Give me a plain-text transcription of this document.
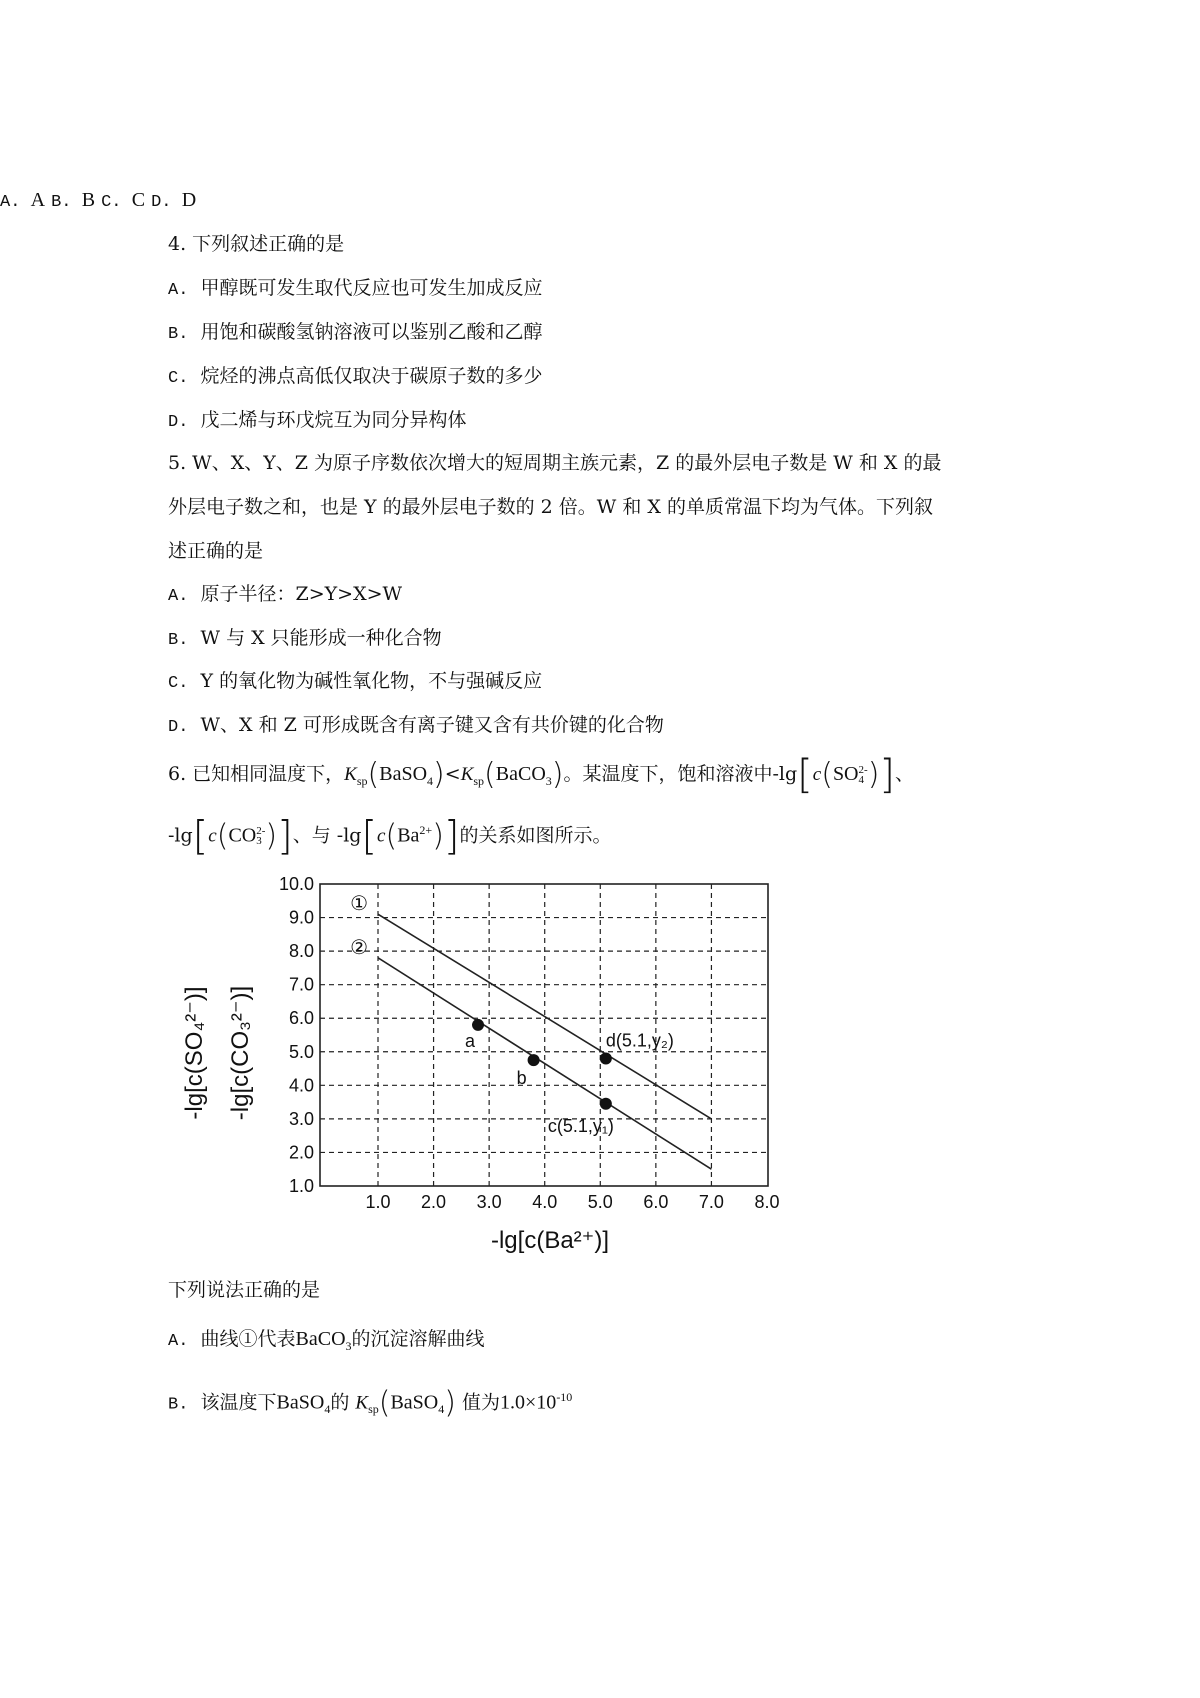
A. A B. B C. C D. D
4. 下列叙述正确的是
A. 甲醇既可发生取代反应也可发生加成反应
B. 用饱和碳酸氢钠溶液可以鉴别乙酸和乙醇
C. 烷烃的沸点高低仅取决于碳原子数的多少
D. 戊二烯与环戊烷互为同分异构体
5. W、X、Y、Z 为原子序数依次增大的短周期主族元素，Z 的最外层电子数是 W 和 X 的最
外层电子数之和，也是 Y 的最外层电子数的 2 倍。W 和 X 的单质常温下均为气体。下列叙
述正确的是
A. 原子半径：Z>Y>X>W
B. W 与 X 只能形成一种化合物
C. Y 的氧化物为碱性氧化物，不与强碱反应
D. W、X 和 Z 可形成既含有离子键又含有共价键的化合物
6. 已知相同温度下，$K_{sp}(BaSO_4)<K_{sp}(BaCO_3)$。某温度下，饱和溶液中-lg[c(SO2-
4 )]、
-lg[c(CO2-
3 )]、与 $-\lg[c(Ba^{2+})]$的关系如图所示。
1.0 2.0 3.0 4.0 5.0 6.0 7.0 8.0
10.0
9.0
8.0
7.0
6.0
5.0
4.0
3.0
2.0
1.0
①
②
a
b
d(5.1,y₂)
c(5.1,y₁)
-lg[c(Ba²⁺)]
-lg[c(SO₄²⁻)] -lg[c(CO₃²⁻)]
下列说法正确的是
A. 曲线①代表BaCO$_3$的沉淀溶解曲线
B. 该温度下BaSO$_4$的 $K_{sp}(BaSO_4)$ 值为$1.0\times 10^{-10}$
